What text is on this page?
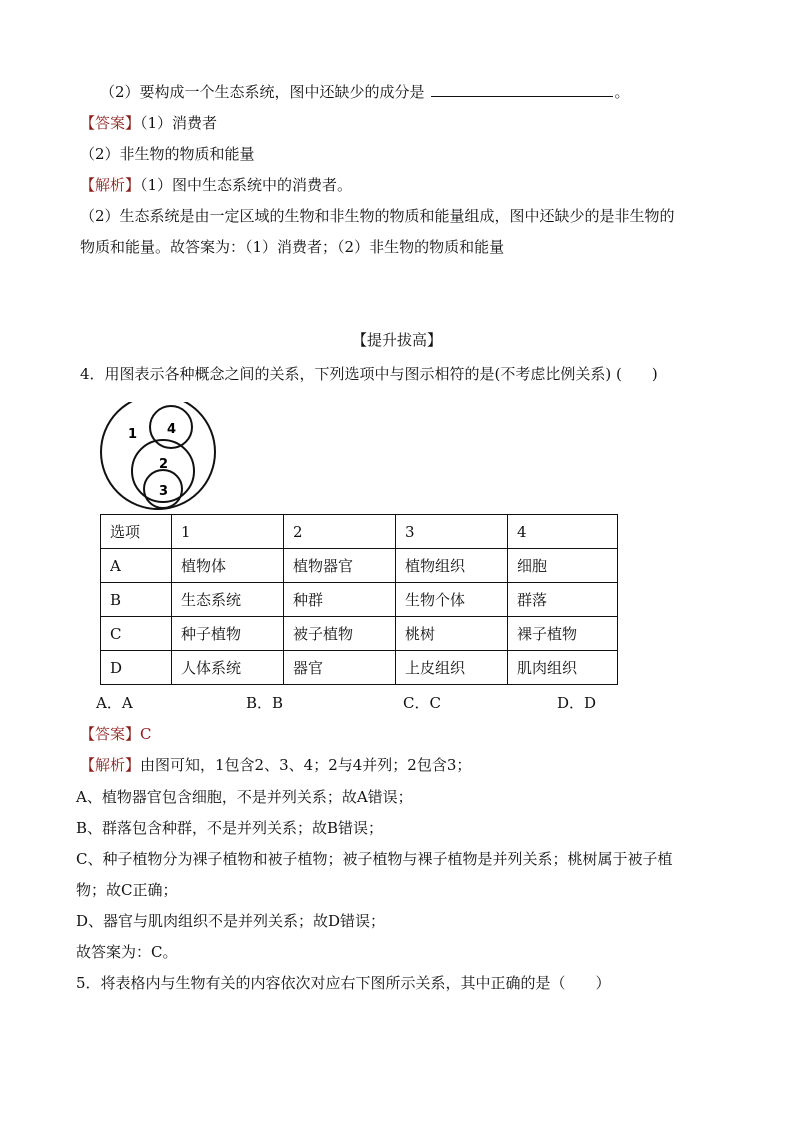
（2）要构成一个生态系统，图中还缺少的成分是	。
【答案】（1）消费者
（2）非生物的物质和能量
【解析】（1）图中生态系统中的消费者。
（2）生态系统是由一定区域的生物和非生物的物质和能量组成，图中还缺少的是非生物的
物质和能量。故答案为：（1）消费者；（2）非生物的物质和能量
【提升拔高】
4．用图表示各种概念之间的关系，下列选项中与图示相符的是(不考虑比例关系) (　　)
1 4
2
3
选项	1	2	3	4
A	植物体	植物器官	植物组织	细胞
B	生态系统	种群	生物个体	群落
C	种子植物	被子植物	桃树	裸子植物
D	人体系统	器官	上皮组织	肌肉组织
A．A	B．B	C．C	D．D
【答案】C
【解析】由图可知，1包含2、3、4；2与4并列；2包含3；
A、植物器官包含细胞，不是并列关系；故A错误；
B、群落包含种群，不是并列关系；故B错误；
C、种子植物分为裸子植物和被子植物；被子植物与裸子植物是并列关系；桃树属于被子植
物；故C正确；
D、器官与肌肉组织不是并列关系；故D错误；
故答案为：C。
5．将表格内与生物有关的内容依次对应右下图所示关系，其中正确的是（　　）
